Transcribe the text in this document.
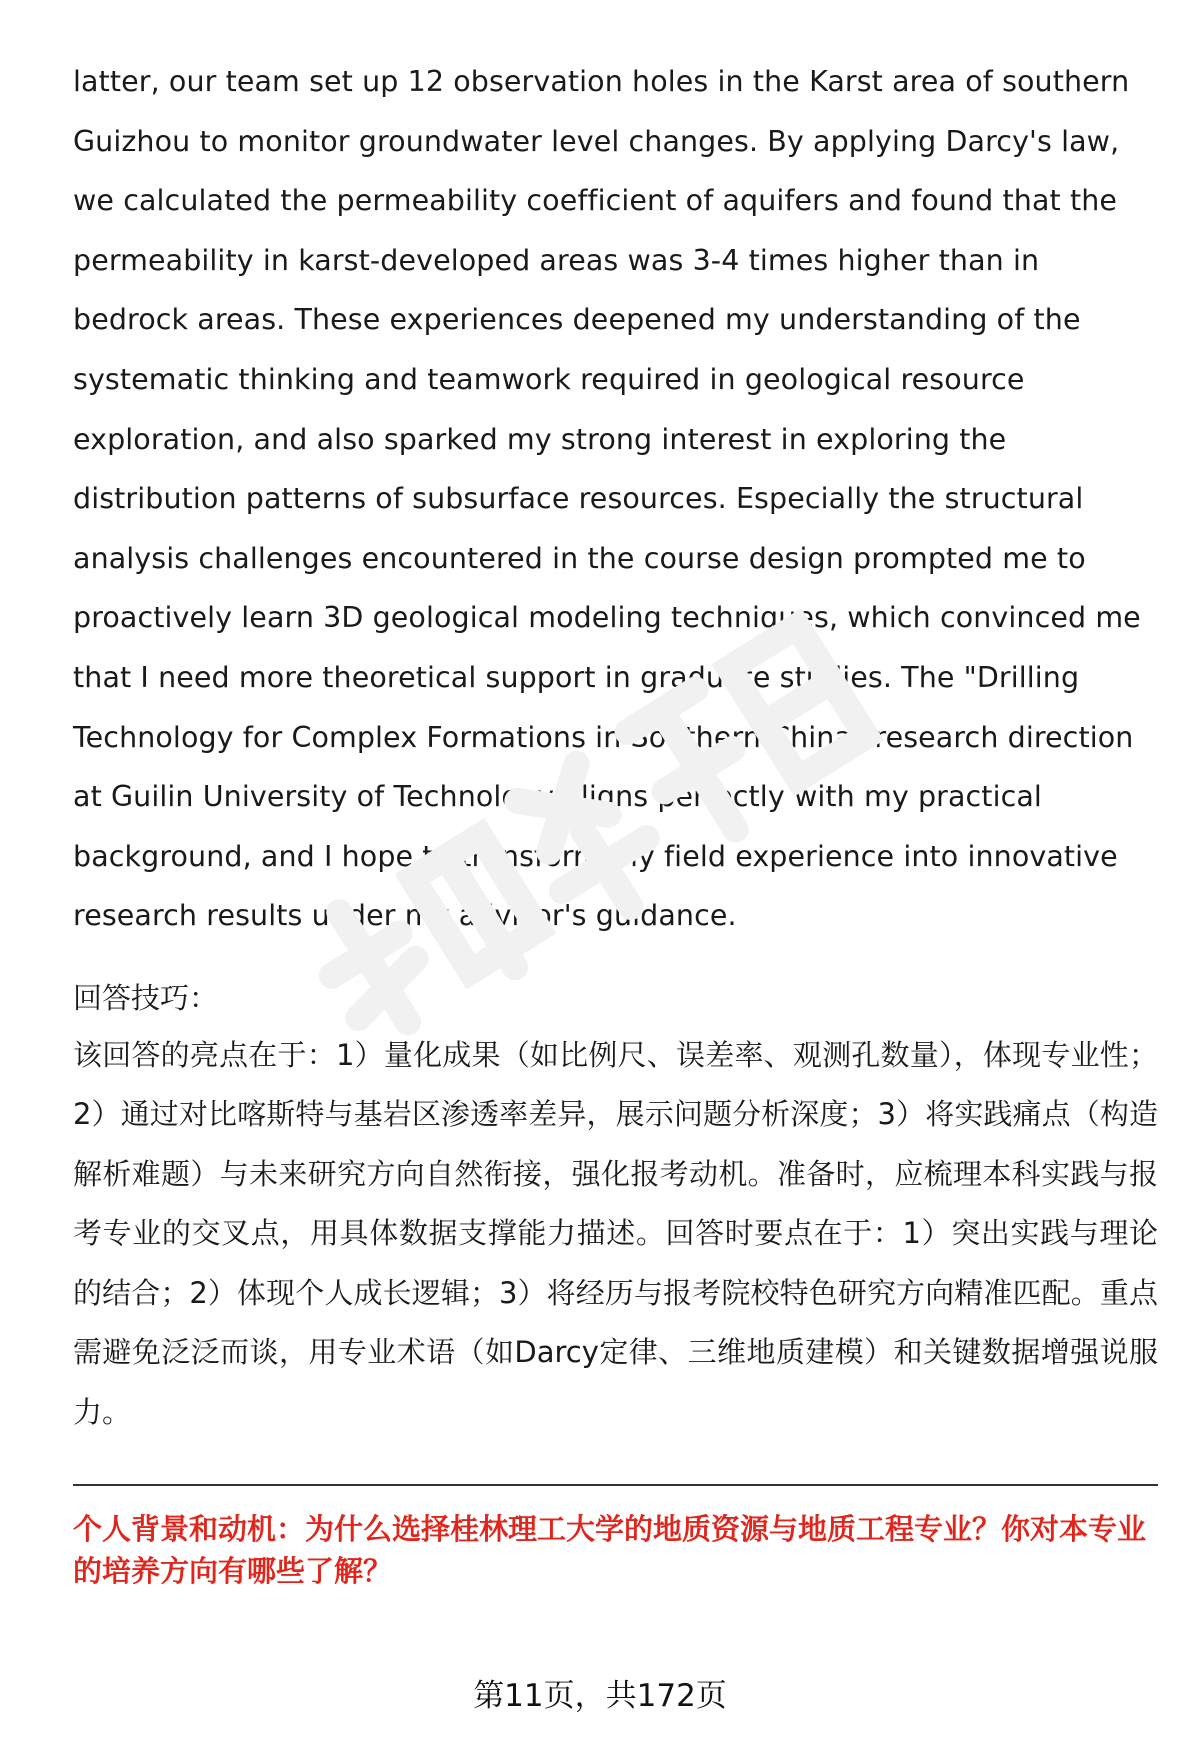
latter, our team set up 12 observation holes in the Karst area of southern Guizhou to monitor groundwater level changes. By applying Darcy's law, we calculated the permeability coefficient of aquifers and found that the permeability in karst-developed areas was 3-4 times higher than in bedrock areas. These experiences deepened my understanding of the systematic thinking and teamwork required in geological resource exploration, and also sparked my strong interest in exploring the distribution patterns of subsurface resources. Especially the structural analysis challenges encountered in the course design prompted me to proactively learn 3D geological modeling techniques, which convinced me that I need more theoretical support in graduate studies. The "Drilling Technology for Complex Formations in Southern China" research direction at Guilin University of Technology aligns perfectly with my practical background, and I hope to transform my field experience into innovative research results under my advisor's guidance.

回答技巧：

该回答的亮点在于：1）量化成果（如比例尺、误差率、观测孔数量），体现专业性；2）通过对比喀斯特与基岩区渗透率差异，展示问题分析深度；3）将实践痛点（构造解析难题）与未来研究方向自然衔接，强化报考动机。准备时，应梳理本科实践与报考专业的交叉点，用具体数据支撑能力描述。回答时要点在于：1）突出实践与理论的结合；2）体现个人成长逻辑；3）将经历与报考院校特色研究方向精准匹配。重点需避免泛泛而谈，用专业术语（如Darcy定律、三维地质建模）和关键数据增强说服力。

个人背景和动机：为什么选择桂林理工大学的地质资源与地质工程专业？你对本专业的培养方向有哪些了解？

第11页，共172页
